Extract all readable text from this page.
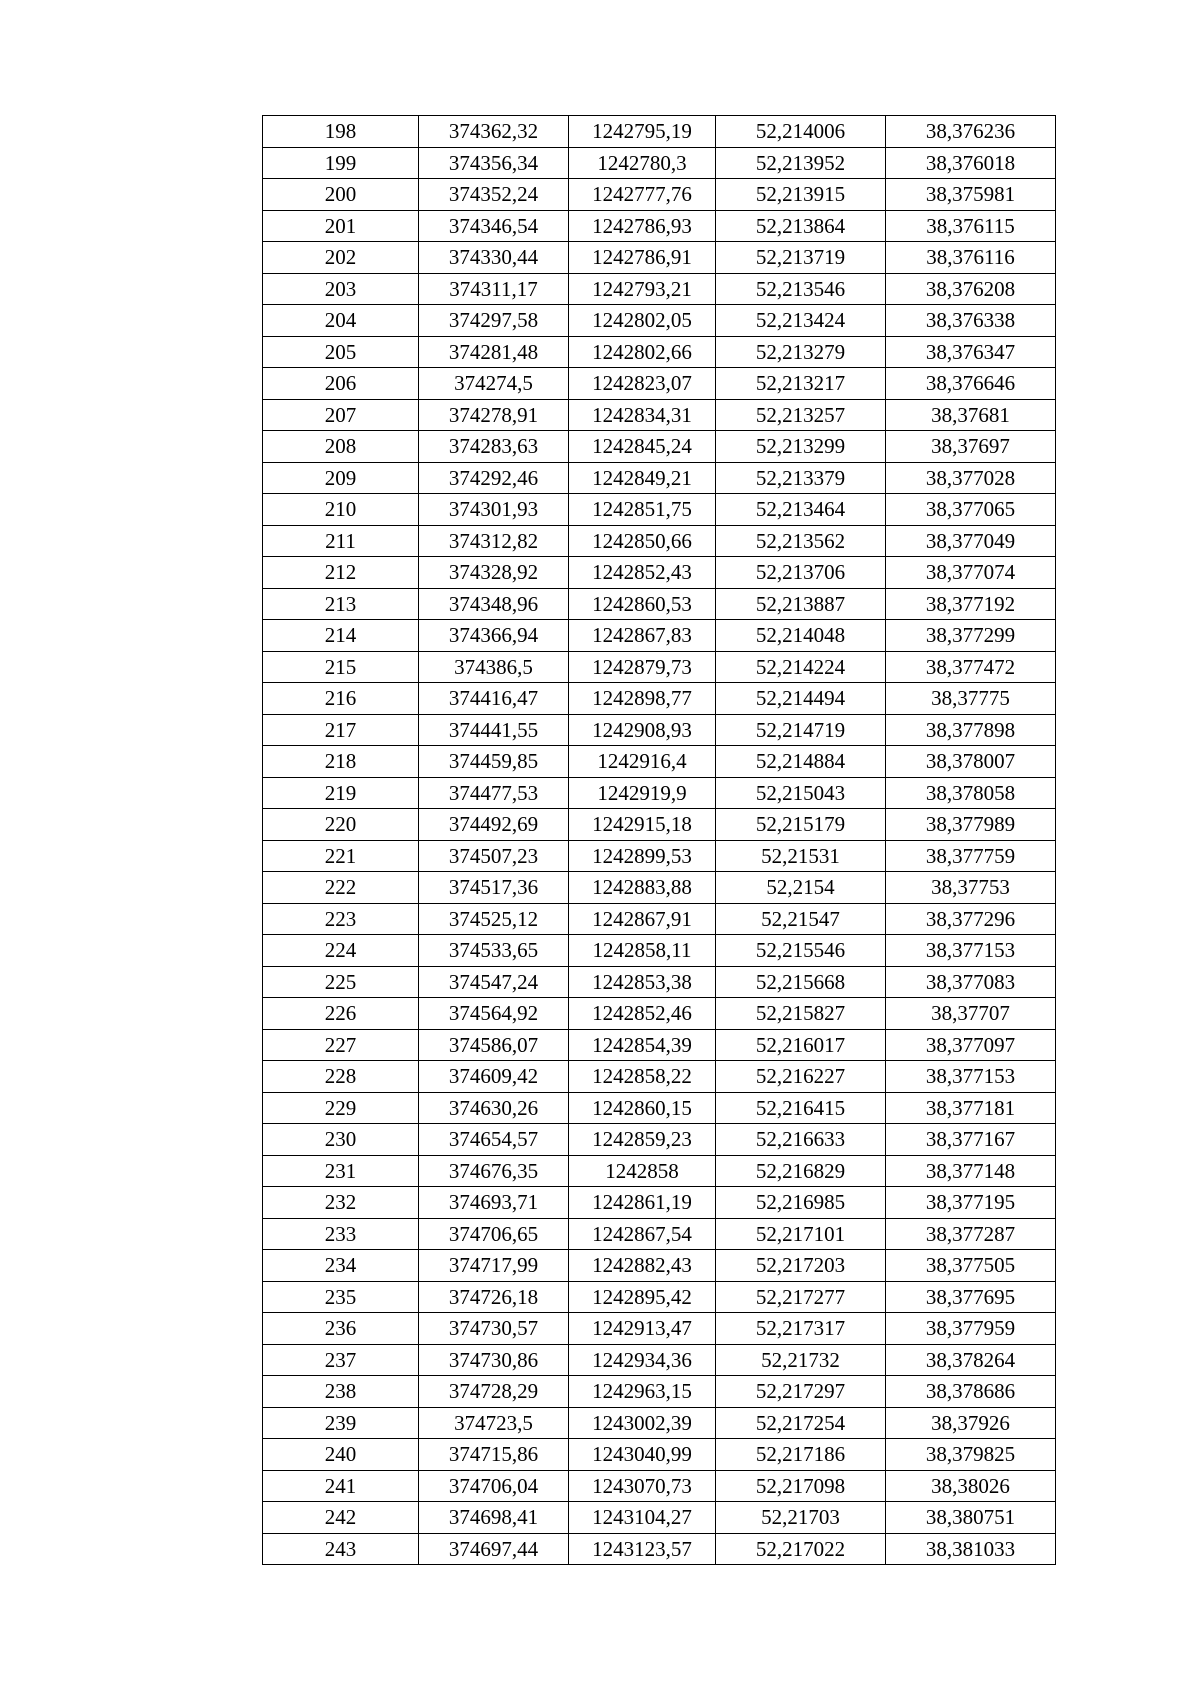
198	374362,32	1242795,19	52,214006	38,376236
199	374356,34	1242780,3	52,213952	38,376018
200	374352,24	1242777,76	52,213915	38,375981
201	374346,54	1242786,93	52,213864	38,376115
202	374330,44	1242786,91	52,213719	38,376116
203	374311,17	1242793,21	52,213546	38,376208
204	374297,58	1242802,05	52,213424	38,376338
205	374281,48	1242802,66	52,213279	38,376347
206	374274,5	1242823,07	52,213217	38,376646
207	374278,91	1242834,31	52,213257	38,37681
208	374283,63	1242845,24	52,213299	38,37697
209	374292,46	1242849,21	52,213379	38,377028
210	374301,93	1242851,75	52,213464	38,377065
211	374312,82	1242850,66	52,213562	38,377049
212	374328,92	1242852,43	52,213706	38,377074
213	374348,96	1242860,53	52,213887	38,377192
214	374366,94	1242867,83	52,214048	38,377299
215	374386,5	1242879,73	52,214224	38,377472
216	374416,47	1242898,77	52,214494	38,37775
217	374441,55	1242908,93	52,214719	38,377898
218	374459,85	1242916,4	52,214884	38,378007
219	374477,53	1242919,9	52,215043	38,378058
220	374492,69	1242915,18	52,215179	38,377989
221	374507,23	1242899,53	52,21531	38,377759
222	374517,36	1242883,88	52,2154	38,37753
223	374525,12	1242867,91	52,21547	38,377296
224	374533,65	1242858,11	52,215546	38,377153
225	374547,24	1242853,38	52,215668	38,377083
226	374564,92	1242852,46	52,215827	38,37707
227	374586,07	1242854,39	52,216017	38,377097
228	374609,42	1242858,22	52,216227	38,377153
229	374630,26	1242860,15	52,216415	38,377181
230	374654,57	1242859,23	52,216633	38,377167
231	374676,35	1242858	52,216829	38,377148
232	374693,71	1242861,19	52,216985	38,377195
233	374706,65	1242867,54	52,217101	38,377287
234	374717,99	1242882,43	52,217203	38,377505
235	374726,18	1242895,42	52,217277	38,377695
236	374730,57	1242913,47	52,217317	38,377959
237	374730,86	1242934,36	52,21732	38,378264
238	374728,29	1242963,15	52,217297	38,378686
239	374723,5	1243002,39	52,217254	38,37926
240	374715,86	1243040,99	52,217186	38,379825
241	374706,04	1243070,73	52,217098	38,38026
242	374698,41	1243104,27	52,21703	38,380751
243	374697,44	1243123,57	52,217022	38,381033
